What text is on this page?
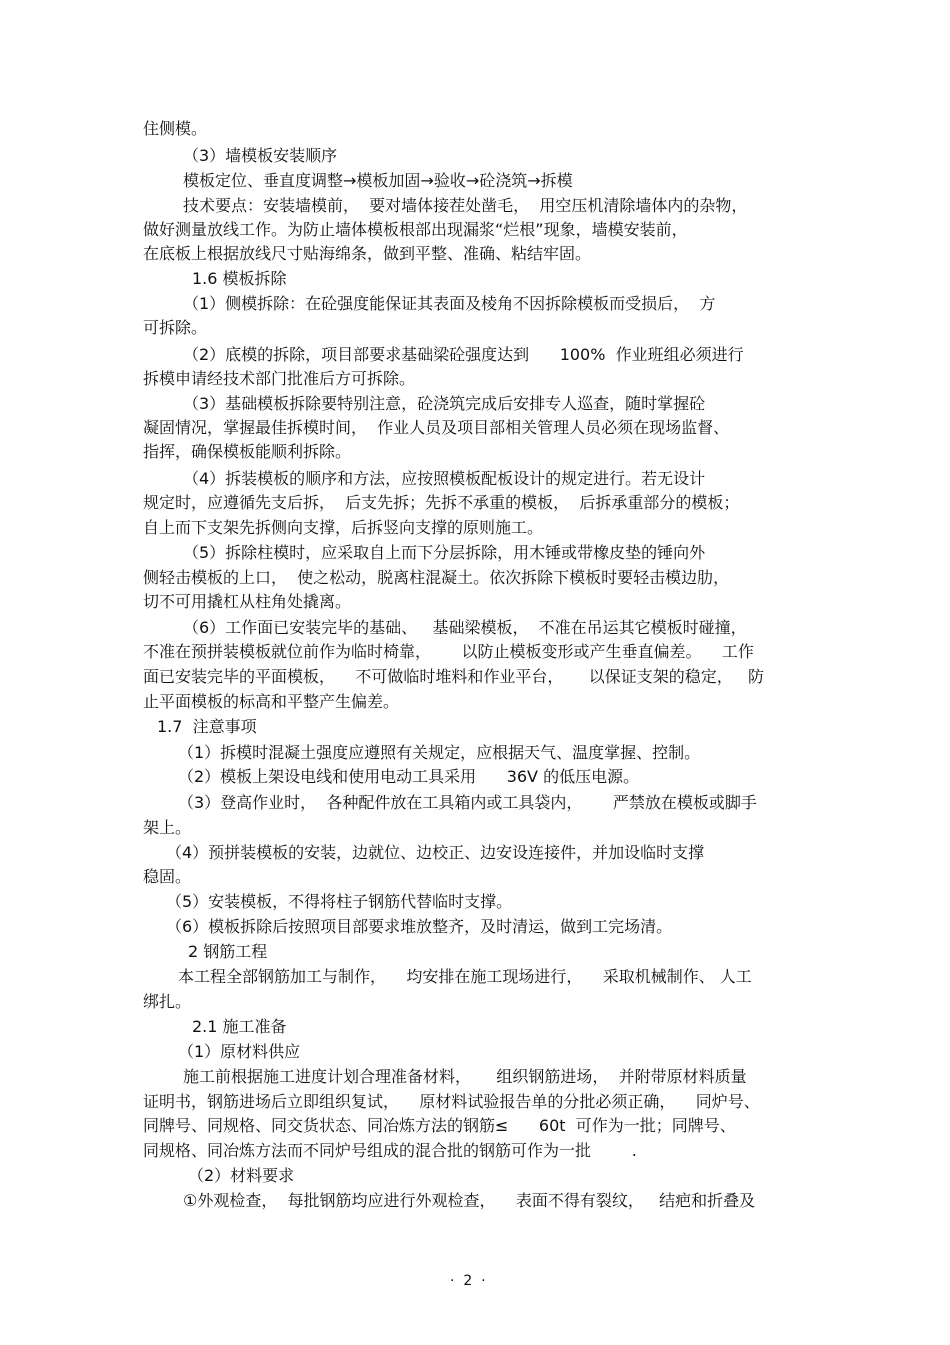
住侧模。
（3）墙模板安装顺序
模板定位、垂直度调整→模板加固→验收→砼浇筑→拆模
技术要点：安装墙模前，  要对墙体接茬处凿毛，  用空压机清除墙体内的杂物，
做好测量放线工作。为防止墙体模板根部出现漏浆“烂根”现象，墙模安装前，
在底板上根据放线尺寸贴海绵条，做到平整、准确、粘结牢固。
1.6 模板拆除
（1）侧模拆除：在砼强度能保证其表面及棱角不因拆除模板而受损后，  方
可拆除。
（2）底模的拆除，项目部要求基础梁砼强度达到      100%  作业班组必须进行
拆模申请经技术部门批准后方可拆除。
（3）基础模板拆除要特别注意，砼浇筑完成后安排专人巡查，随时掌握砼
凝固情况，掌握最佳拆模时间，  作业人员及项目部相关管理人员必须在现场监督、
指挥，确保模板能顺利拆除。
（4）拆装模板的顺序和方法，应按照模板配板设计的规定进行。若无设计
规定时，应遵循先支后拆，  后支先拆；先拆不承重的模板，  后拆承重部分的模板；
自上而下支架先拆侧向支撑，后拆竖向支撑的原则施工。
（5）拆除柱模时，应采取自上而下分层拆除，用木锤或带橡皮垫的锤向外
侧轻击模板的上口，  使之松动，脱离柱混凝土。依次拆除下模板时要轻击模边肋，
切不可用撬杠从柱角处撬离。
（6）工作面已安装完毕的基础、   基础梁模板，  不准在吊运其它模板时碰撞，
不准在预拼装模板就位前作为临时椅靠，      以防止模板变形或产生垂直偏差。    工作
面已安装完毕的平面模板，    不可做临时堆料和作业平台，     以保证支架的稳定，   防
止平面模板的标高和平整产生偏差。
1.7  注意事项
（1）拆模时混凝土强度应遵照有关规定，应根据天气、温度掌握、控制。
（2）模板上架设电线和使用电动工具采用      36V 的低压电源。
（3）登高作业时，  各种配件放在工具箱内或工具袋内，      严禁放在模板或脚手
架上。
（4）预拼装模板的安装，边就位、边校正、边安设连接件，并加设临时支撑
稳固。
（5）安装模板，不得将柱子钢筋代替临时支撑。
（6）模板拆除后按照项目部要求堆放整齐，及时清运，做到工完场清。
2 钢筋工程
本工程全部钢筋加工与制作，    均安排在施工现场进行，    采取机械制作、 人工
绑扎。
2.1 施工准备
（1）原材料供应
施工前根据施工进度计划合理准备材料，     组织钢筋进场，  并附带原材料质量
证明书，钢筋进场后立即组织复试，    原材料试验报告单的分批必须正确，    同炉号、
同牌号、同规格、同交货状态、同冶炼方法的钢筋≤      60t  可作为一批；同牌号、
同规格、同冶炼方法而不同炉号组成的混合批的钢筋可作为一批        .
（2）材料要求
①外观检查，  每批钢筋均应进行外观检查，    表面不得有裂纹，   结疤和折叠及
·  2  ·
